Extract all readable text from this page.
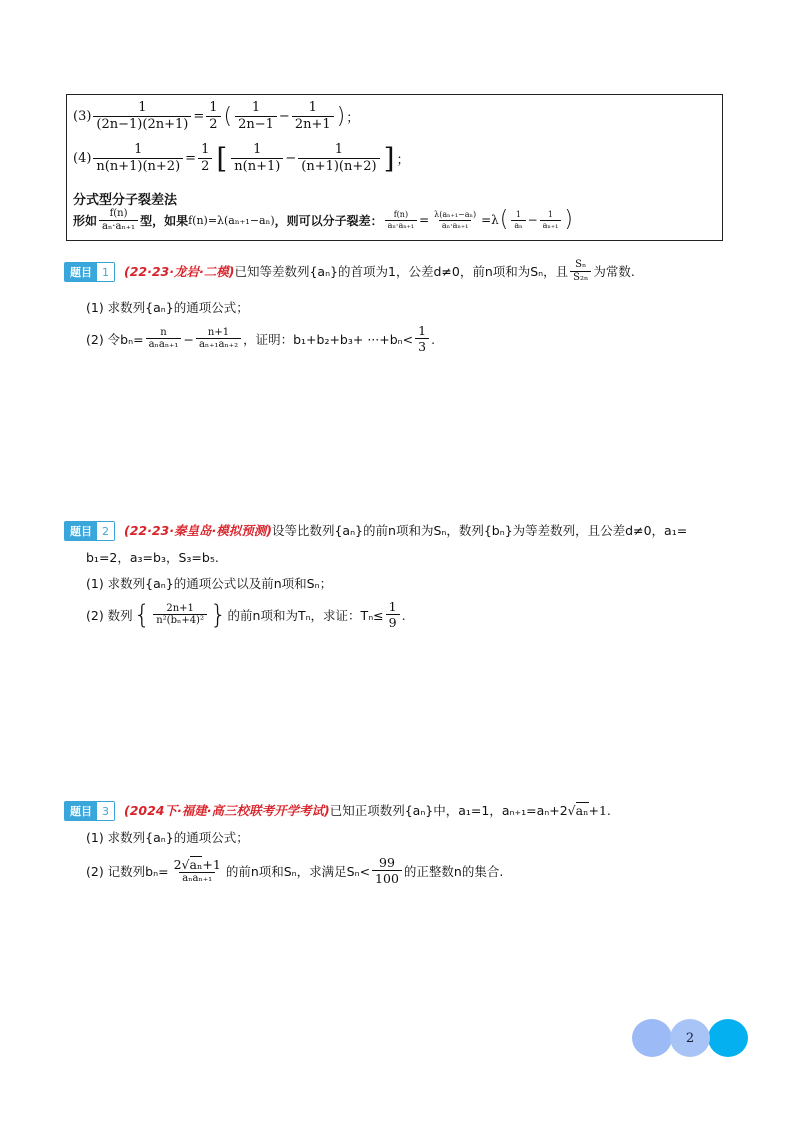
$(3) \frac{1}{(2n-1)(2n+1)} = \frac{1}{2}$ ( $\frac{1}{2n-1} - \frac{1}{2n+1}$ ) ；
$(4) \frac{1}{n(n+1)(n+2)} = \frac{1}{2}$ [ $\frac{1}{n(n+1)} - \frac{1}{(n+1)(n+2)}$ ] ；
分式型分子裂差法
形如 $\frac{f(n)}{\text{aₙ·aₙ₊₁}}$ 型，如果 f(n)=λ(aₙ₊₁−aₙ) ，则可以分子裂差： $\frac{f(n)}{\text{aₙ·aₙ₊₁}} = \frac{\text{λ(aₙ₊₁−aₙ)}}{\text{aₙ·aₙ₊₁}} =\lambda$ ( $\frac{1}{\text{aₙ}} - \frac{1}{\text{aₙ₊₁}}$ )
题目 1	(22·23·龙岩·二模) 已知等差数列{aₙ}的首项为1，公差d≠0，前n项和为Sₙ，且 $\frac{\text{Sₙ}}{\text{S₂ₙ}}$ 为常数.
(1) 求数列{aₙ}的通项公式；
(2) 令$b_n= \frac{n}{\text{aₙaₙ₊₁}} - \frac{n+1}{\text{aₙ₊₁aₙ₊₂}}$ ，证明：$b_1+b_2+b_3+ \cdot\cdot\cdot+b_n< \frac{1}{3}$ .
题目 2	(22·23·秦皇岛·模拟预测) 设等比数列{aₙ}的前n项和为Sₙ，数列{bₙ}为等差数列，且公差d≠0，a₁=
b₁=2，a₃=b₃，S₃=b₅.
(1) 求数列{aₙ}的通项公式以及前n项和Sₙ；
(2) 数列 { $\frac{2n+1}{\text{n²(bₙ+4)²}}$ } 的前n项和为Tₙ，求证：$T_n\le \frac{1}{9}$ .
题目 3	(2024下·福建·高三校联考开学考试) 已知正项数列{aₙ}中，a₁=1，aₙ₊₁=aₙ+2 √ aₙ +1.
(1) 求数列{aₙ}的通项公式；
(2) 记数列$b_n= \frac{\text{2√aₙ+1}}{\text{aₙaₙ₊₁}}$ 的前n项和Sₙ，求满足$S_n< \frac{99}{100}$ 的正整数n的集合.
2
